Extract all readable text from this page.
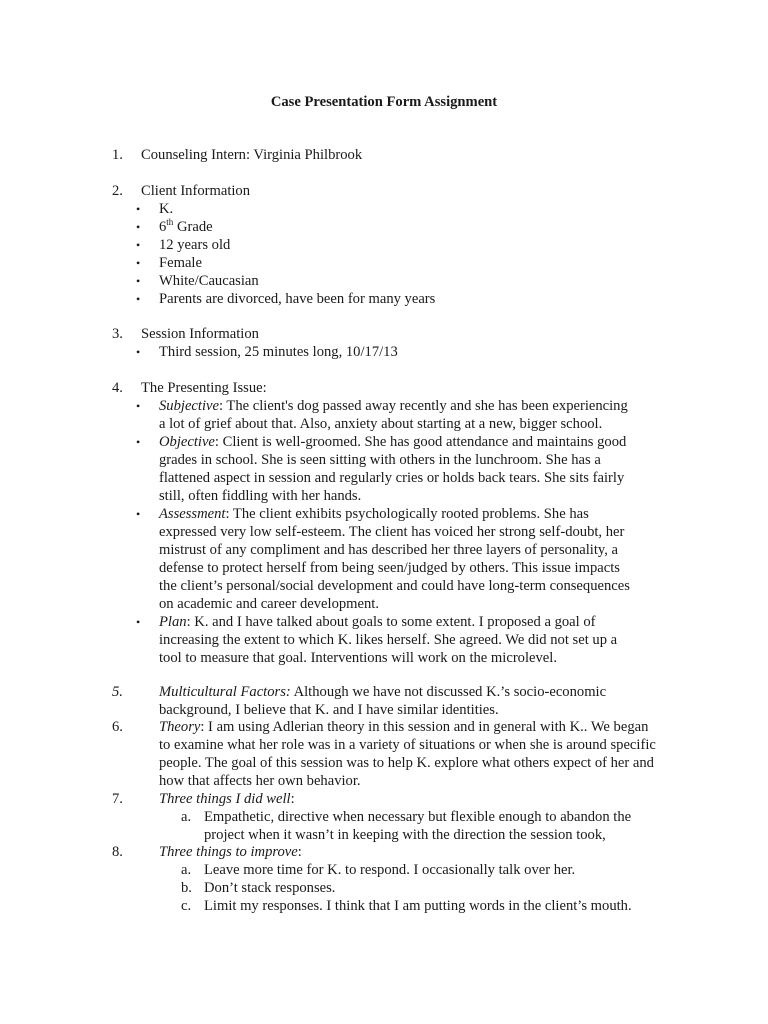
Case Presentation Form Assignment
1. Counseling Intern: Virginia Philbrook
2. Client Information
• K.
• 6th Grade
• 12 years old
• Female
• White/Caucasian
• Parents are divorced, have been for many years
3. Session Information
• Third session, 25 minutes long, 10/17/13
4. The Presenting Issue:
• Subjective: The client's dog passed away recently and she has been experiencing a lot of grief about that. Also, anxiety about starting at a new, bigger school.
• Objective: Client is well-groomed. She has good attendance and maintains good grades in school. She is seen sitting with others in the lunchroom. She has a flattened aspect in session and regularly cries or holds back tears. She sits fairly still, often fiddling with her hands.
• Assessment: The client exhibits psychologically rooted problems. She has expressed very low self-esteem. The client has voiced her strong self-doubt, her mistrust of any compliment and has described her three layers of personality, a defense to protect herself from being seen/judged by others. This issue impacts the client’s personal/social development and could have long-term consequences on academic and career development.
• Plan: K. and I have talked about goals to some extent. I proposed a goal of increasing the extent to which K. likes herself. She agreed. We did not set up a tool to measure that goal. Interventions will work on the microlevel.
5. Multicultural Factors: Although we have not discussed K.’s socio-economic background, I believe that K. and I have similar identities.
6. Theory: I am using Adlerian theory in this session and in general with K.. We began to examine what her role was in a variety of situations or when she is around specific people. The goal of this session was to help K. explore what others expect of her and how that affects her own behavior.
7. Three things I did well:
a. Empathetic, directive when necessary but flexible enough to abandon the project when it wasn’t in keeping with the direction the session took,
8. Three things to improve:
a. Leave more time for K. to respond. I occasionally talk over her.
b. Don’t stack responses.
c. Limit my responses. I think that I am putting words in the client’s mouth.
